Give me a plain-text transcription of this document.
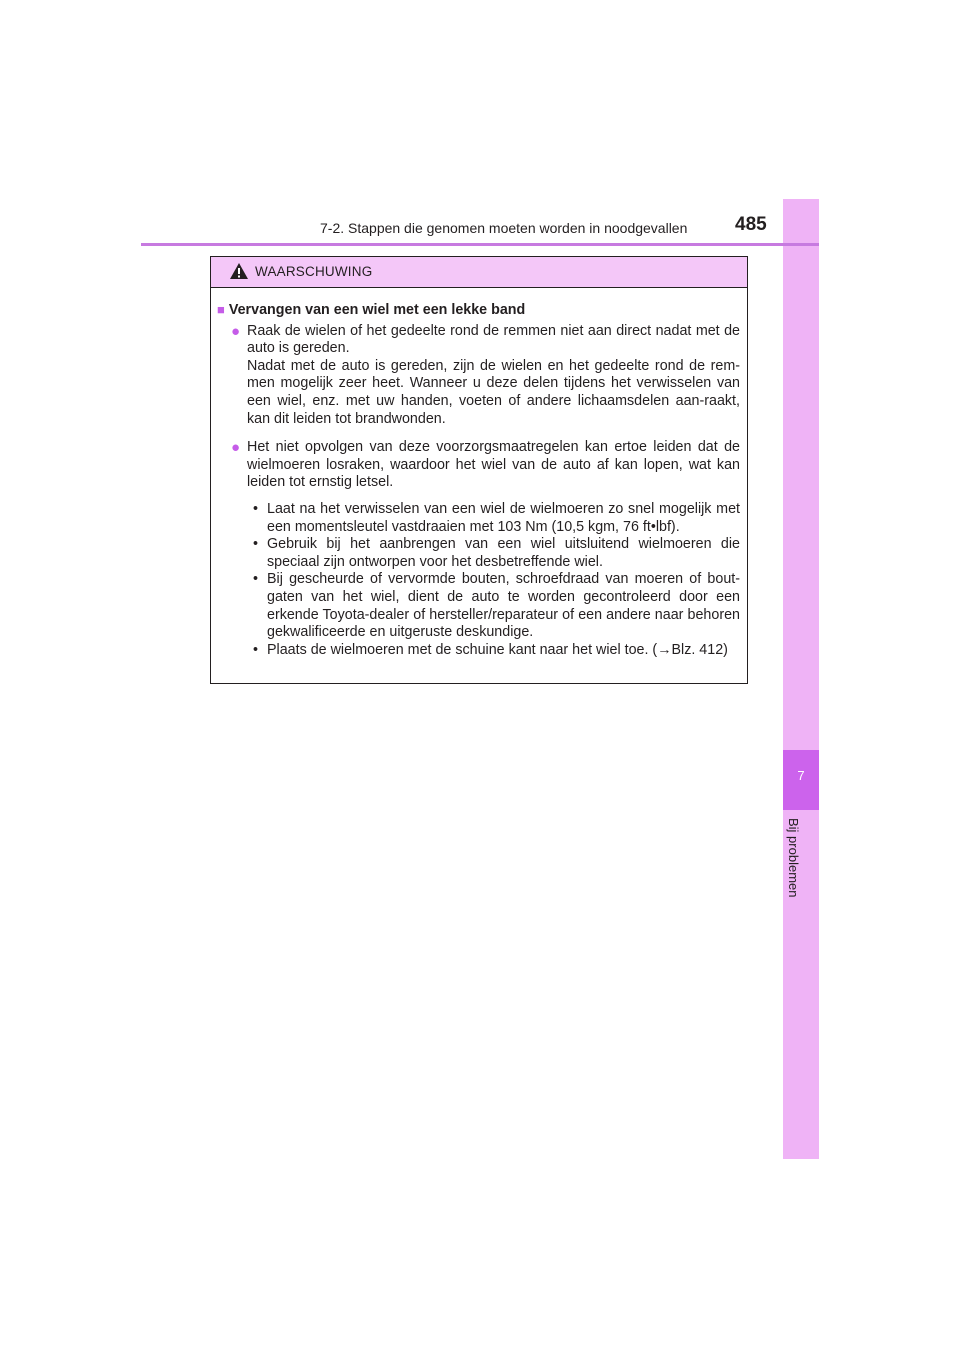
7
Bij problemen
7-2. Stappen die genomen moeten worden in noodgevallen	485
WAARSCHUWING
■ Vervangen van een wiel met een lekke band
● Raak de wielen of het gedeelte rond de remmen niet aan direct nadat met de auto is gereden.

Nadat met de auto is gereden, zijn de wielen en het gedeelte rond de rem-men mogelijk zeer heet. Wanneer u deze delen tijdens het verwisselen van een wiel, enz. met uw handen, voeten of andere lichaamsdelen aan-raakt, kan dit leiden tot brandwonden.

● Het niet opvolgen van deze voorzorgsmaatregelen kan ertoe leiden dat de wielmoeren losraken, waardoor het wiel van de auto af kan lopen, wat kan leiden tot ernstig letsel.

• Laat na het verwisselen van een wiel de wielmoeren zo snel mogelijk met een momentsleutel vastdraaien met 103 Nm (10,5 kgm, 76 ft•lbf).
• Gebruik bij het aanbrengen van een wiel uitsluitend wielmoeren die speciaal zijn ontworpen voor het desbetreffende wiel.
• Bij gescheurde of vervormde bouten, schroefdraad van moeren of bout-gaten van het wiel, dient de auto te worden gecontroleerd door een erkende Toyota-dealer of hersteller/reparateur of een andere naar behoren gekwalificeerde en uitgeruste deskundige.
• Plaats de wielmoeren met de schuine kant naar het wiel toe. (→Blz. 412)
